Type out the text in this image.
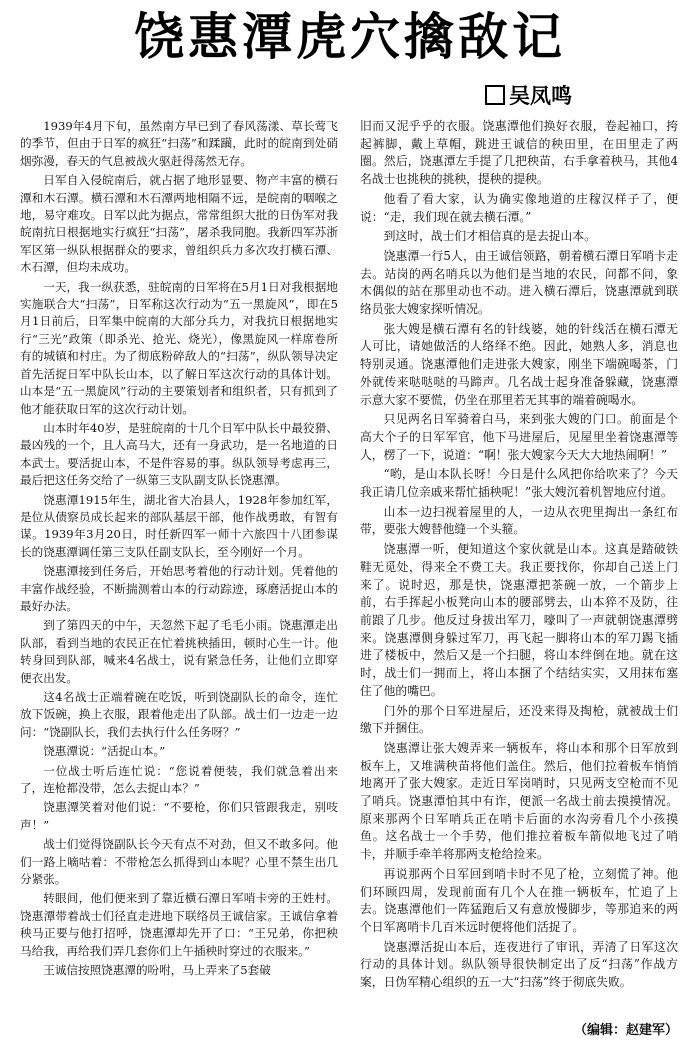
饶惠潭虎穴擒敌记
吴凤鸣

1939年4月下旬，虽然南方早已到了春风荡漾、草长莺飞的季节，但由于日军的疯狂“扫荡”和蹂躏，此时的皖南到处硝烟弥漫，春天的气息被战火驱赶得荡然无存。

日军自入侵皖南后，就占据了地形显要、物产丰富的横石潭和木石潭。横石潭和木石潭两地相隔不远，是皖南的咽喉之地，易守难攻。日军以此为据点，常常组织大批的日伪军对我皖南抗日根据地实行疯狂“扫荡”，屠杀我同胞。我新四军苏浙军区第一纵队根据群众的要求，曾组织兵力多次攻打横石潭、木石潭，但均未成功。

一天，我一纵获悉，驻皖南的日军将在5月1日对我根据地实施联合大“扫荡”，日军称这次行动为“五一黑旋风”，即在5月1日前后，日军集中皖南的大部分兵力，对我抗日根据地实行“三光”政策（即杀光、抢光、烧光），像黑旋风一样席卷所有的城镇和村庄。为了彻底粉碎敌人的“扫荡”，纵队领导决定首先活捉日军中队长山本，以了解日军这次行动的具体计划。山本是“五一黑旋风”行动的主要策划者和组织者，只有抓到了他才能获取日军的这次行动计划。

山本时年40岁，是驻皖南的十几个日军中队长中最狡猾、最凶残的一个，且人高马大，还有一身武功，是一名地道的日本武士。要活捉山本，不是件容易的事。纵队领导考虑再三，最后把这任务交给了一纵第三支队副支队长饶惠潭。

饶惠潭1915年生，湖北省大冶县人，1928年参加红军，是位从债察员成长起来的部队基层干部，他作战勇敢，有智有谋。1939年3月20日，时任新四军一师十六旅四十八团参谋长的饶惠潭调任第三支队任副支队长，至今刚好一个月。

饶惠潭接到任务后，开始思考着他的行动计划。凭着他的丰富作战经验，不断揣测着山本的行动踪迹，琢磨活捉山本的最好办法。

到了第四天的中午，天忽然下起了毛毛小雨。饶惠潭走出队部，看到当地的农民正在忙着挑秧插田，顿时心生一计。他转身回到队部，喊来4名战士，说有紧急任务，让他们立即穿便衣出发。

这4名战士正端着碗在吃饭，听到饶副队长的命令，连忙放下饭碗，换上衣服，跟着他走出了队部。战士们一边走一边问：“饶副队长，我们去执行什么任务呀？”

饶惠潭说：“活捉山本。”

一位战士听后连忙说：“您说着便装，我们就急着出来了，连枪都没带，怎么去捉山本？”

饶惠潭笑着对他们说：“不要枪，你们只管跟我走，别吱声！”

战士们觉得饶副队长今天有点不对劲，但又不敢多问。他们一路上嘀咕着：不带枪怎么抓得到山本呢？心里不禁生出几分紧张。

转眼间，他们便来到了靠近横石潭日军哨卡旁的王姓村。饶惠潭带着战士们径直走进地下联络员王诚信家。王诚信拿着秧马正要与他打招呼，饶惠潭却先开了口：“王兄弟，你把秧马给我，再给我们弄几套你们上午插秧时穿过的衣服来。”

王诚信按照饶惠潭的吩咐，马上弄来了5套破

旧而又泥乎乎的衣服。饶惠潭他们换好衣服，卷起袖口，挎起裤脚，戴上草帽，跳进王诚信的秧田里，在田里走了两圈。然后，饶惠潭左手提了几把秧苗，右手拿着秧马，其他4名战士也挑秧的挑秧，提秧的提秧。

他看了看大家，认为确实像地道的庄稼汉样子了，便说：“走，我们现在就去横石潭。”

到这时，战士们才相信真的是去捉山本。

饶惠潭一行5人，由王诚信领路，朝着横石潭日军哨卡走去。站岗的两名哨兵以为他们是当地的农民，问都不问，象木偶似的站在那里动也不动。进入横石潭后，饶惠潭就到联络员张大嫂家探听情况。

张大嫂是横石潭有名的针线婆，她的针线活在横石潭无人可比，请她做活的人络绎不绝。因此，她熟人多，消息也特别灵通。饶惠潭他们走进张大嫂家，刚坐下端碗喝茶，门外就传来哒哒哒的马蹄声。几名战士起身准备躲藏，饶惠潭示意大家不要慌，仍坐在那里若无其事的端着碗喝水。

只见两名日军骑着白马，来到张大嫂的门口。前面是个高大个子的日军军官，他下马进屋后，见屋里坐着饶惠潭等人，楞了一下，说道：“啊！张大嫂家今天大大地热闹啊！”

“哟，是山本队长呀！今日是什么风把你给吹来了？今天我正请几位亲戚来帮忙插秧呢！”张大嫂沉着机智地应付道。

山本一边扫视着屋里的人，一边从衣兜里掏出一条红布带，要张大嫂替他缝一个头箍。

饶惠潭一听，便知道这个家伙就是山本。这真是踏破铁鞋无觅处，得来全不费工夫。我正要找你，你却自己送上门来了。说时迟，那是快，饶惠潭把茶碗一放，一个箭步上前，右手挥起小板凳向山本的腰部劈去，山本猝不及防，往前踉了几步。他反过身拔出军刀，嚎叫了一声就朝饶惠潭劈来。饶惠潭侧身躲过军刀，再飞起一脚将山本的军刀踢飞插进了楼板中，然后又是一个扫腿，将山本绊倒在地。就在这时，战士们一拥而上，将山本捆了个结结实实，又用抹布塞住了他的嘴巴。

门外的那个日军进屋后，还没来得及掏枪，就被战士们缴下并捆住。

饶惠潭让张大嫂弄来一辆板车，将山本和那个日军放到板车上，又堆满秧苗将他们盖住。然后，他们拉着板车悄悄地离开了张大嫂家。走近日军岗哨时，只见两支空枪而不见了哨兵。饶惠潭怕其中有诈，便派一名战士前去摸摸情况。原来那两个日军哨兵正在哨卡后面的水沟旁看几个小孩摸鱼。这名战士一个手势，他们推拉着板车箭似地飞过了哨卡，并顺手牵羊将那两支枪给捡来。

再说那两个日军回到哨卡时不见了枪，立刻慌了神。他们环顾四周，发现前面有几个人在推一辆板车，忙追了上去。饶惠潭他们一阵猛跑后又有意放慢脚步，等那追来的两个日军离哨卡几百米远时便将他们活捉了。

饶惠潭活捉山本后，连夜进行了审讯，弄清了日军这次行动的具体计划。纵队领导很快制定出了反“扫荡”作战方案，日伪军精心组织的五一大“扫荡”终于彻底失败。

（编辑：赵建军）
